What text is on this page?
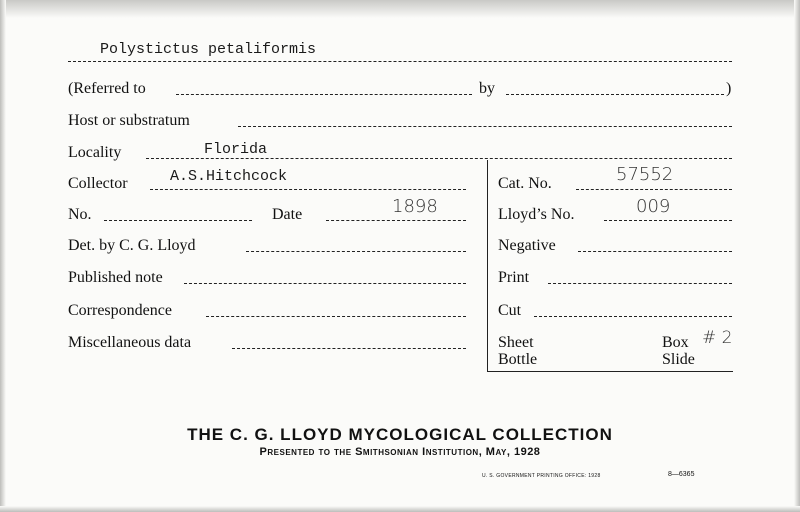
Polystictus petaliformis
(Referred to	by	)
Host or substratum
Locality	Florida
Collector	A.S.Hitchcock
No.	Date	1898
Det. by C. G. Lloyd
Published note
Correspondence
Miscellaneous data
Cat. No.	57552
Lloyd’s No.	009
Negative
Print
Cut
Sheet
Bottle
Box # 2
Slide
THE C. G. LLOYD MYCOLOGICAL COLLECTION
Presented to the Smithsonian Institution, May, 1928
U. S. GOVERNMENT PRINTING OFFICE: 1928	8—6365
